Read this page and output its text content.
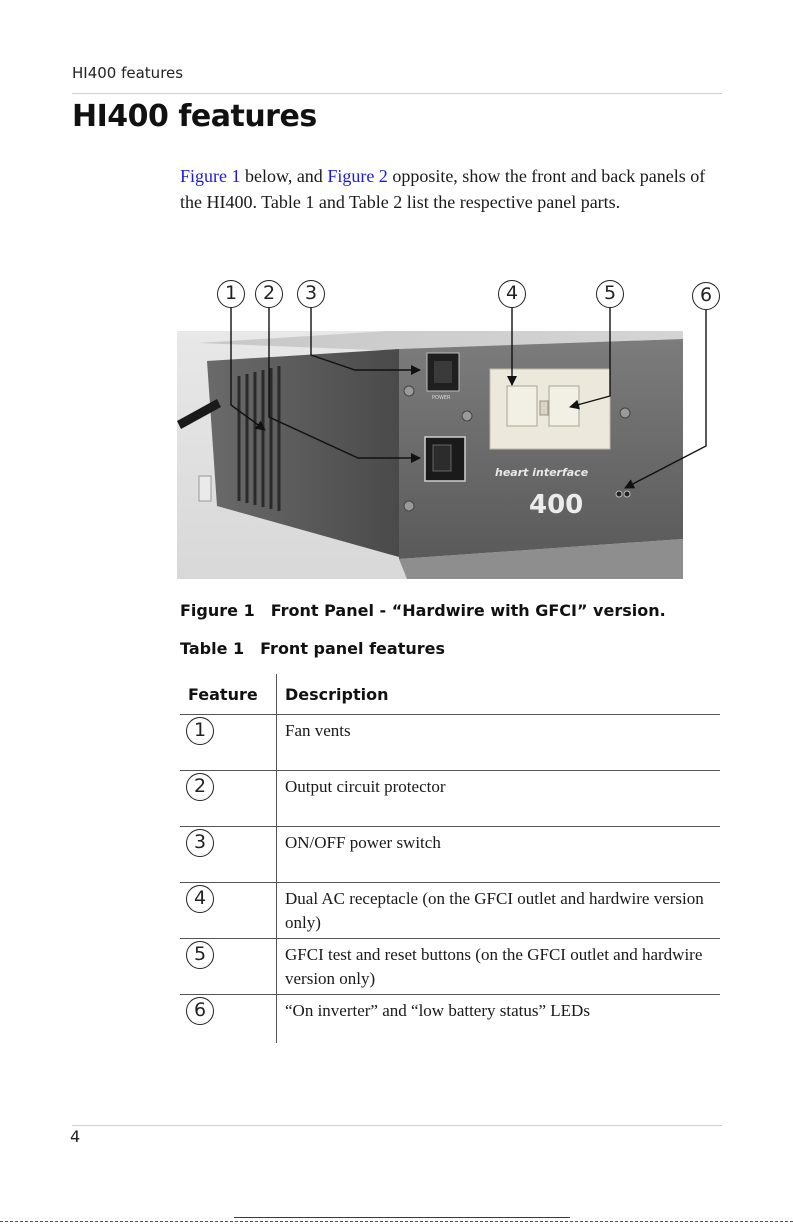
HI400 features
HI400 features

Figure 1 below, and Figure 2 opposite, show the front and back panels of the HI400. Table 1 and Table 2 list the respective panel parts.

1	2	3	4	5	6
POWER
heart interface
400
Figure 1 Front Panel - “Hardwire with GFCI” version.
Table 1 Front panel features
Feature	Description
1	Fan vents
2	Output circuit protector
3	ON/OFF power switch
4	Dual AC receptacle (on the GFCI outlet and hardwire version only)
5	GFCI test and reset buttons (on the GFCI outlet and hardwire version only)
6	“On inverter” and “low battery status” LEDs
4
